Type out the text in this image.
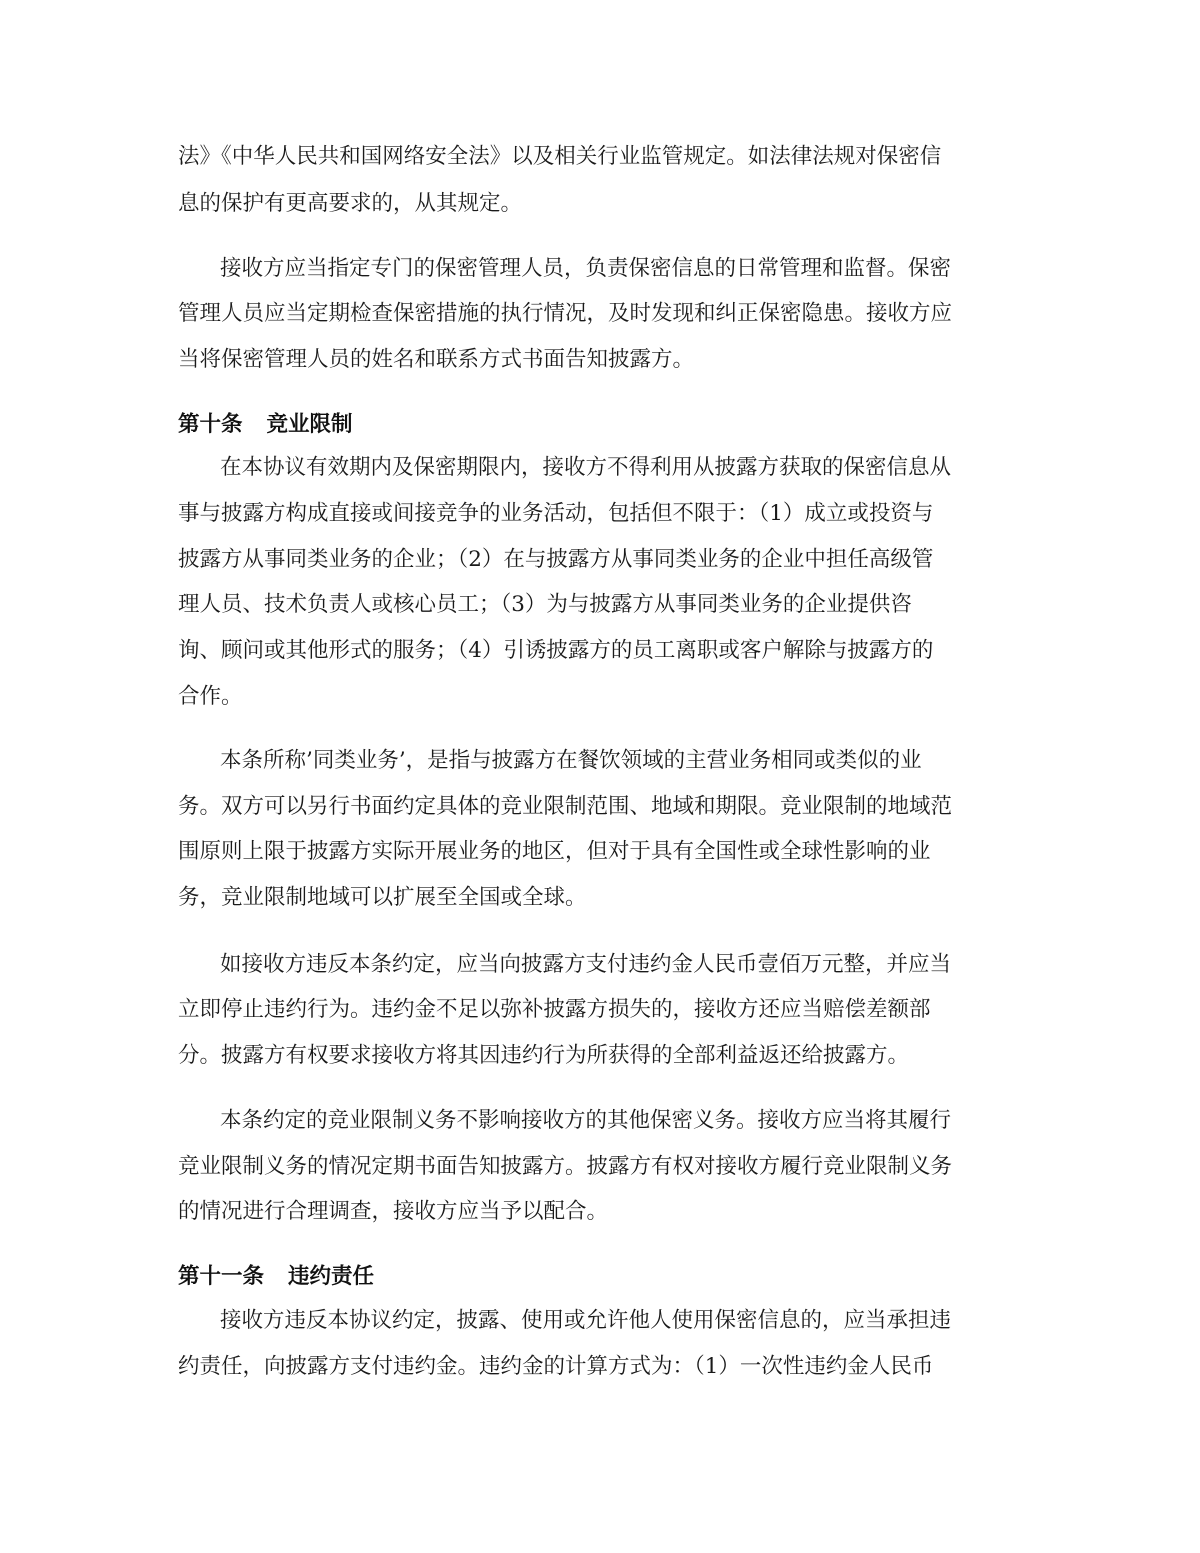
法》《中华人民共和国网络安全法》以及相关行业监管规定。如法律法规对保密信
息的保护有更高要求的，从其规定。
接收方应当指定专门的保密管理人员，负责保密信息的日常管理和监督。保密
管理人员应当定期检查保密措施的执行情况，及时发现和纠正保密隐患。接收方应
当将保密管理人员的姓名和联系方式书面告知披露方。
第十条 竞业限制
在本协议有效期内及保密期限内，接收方不得利用从披露方获取的保密信息从
事与披露方构成直接或间接竞争的业务活动，包括但不限于：（1）成立或投资与
披露方从事同类业务的企业；（2）在与披露方从事同类业务的企业中担任高级管
理人员、技术负责人或核心员工；（3）为与披露方从事同类业务的企业提供咨
询、顾问或其他形式的服务；（4）引诱披露方的员工离职或客户解除与披露方的
合作。
本条所称’同类业务’，是指与披露方在餐饮领域的主营业务相同或类似的业
务。双方可以另行书面约定具体的竞业限制范围、地域和期限。竞业限制的地域范
围原则上限于披露方实际开展业务的地区，但对于具有全国性或全球性影响的业
务，竞业限制地域可以扩展至全国或全球。
如接收方违反本条约定，应当向披露方支付违约金人民币壹佰万元整，并应当
立即停止违约行为。违约金不足以弥补披露方损失的，接收方还应当赔偿差额部
分。披露方有权要求接收方将其因违约行为所获得的全部利益返还给披露方。
本条约定的竞业限制义务不影响接收方的其他保密义务。接收方应当将其履行
竞业限制义务的情况定期书面告知披露方。披露方有权对接收方履行竞业限制义务
的情况进行合理调查，接收方应当予以配合。
第十一条 违约责任
接收方违反本协议约定，披露、使用或允许他人使用保密信息的，应当承担违
约责任，向披露方支付违约金。违约金的计算方式为：（1）一次性违约金人民币
